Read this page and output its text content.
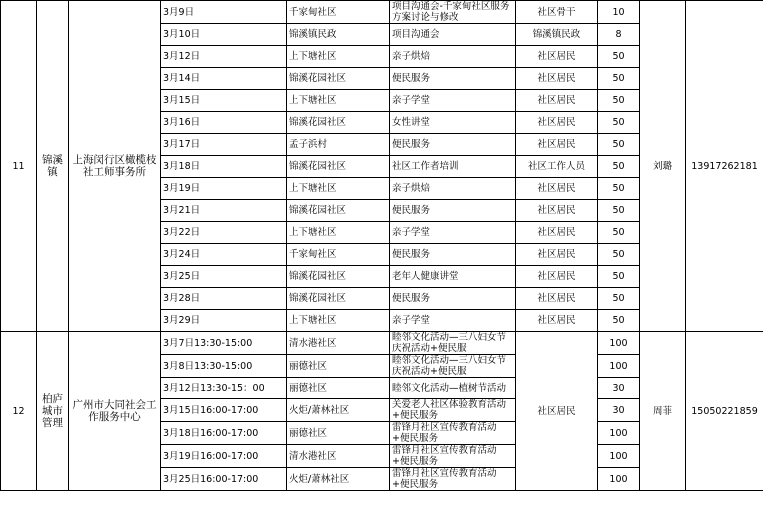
11	锦溪镇	上海闵行区橄榄枝社工师事务所	3月9日	千家甸社区	项目沟通会-千家甸社区服务方案讨论与修改	社区骨干	10	刘璐	13917262181
			3月10日	锦溪镇民政	项目沟通会	锦溪镇民政	8		
			3月12日	上下塘社区	亲子烘焙	社区居民	50		
			3月14日	锦溪花园社区	便民服务	社区居民	50		
			3月15日	上下塘社区	亲子学堂	社区居民	50		
			3月16日	锦溪花园社区	女性讲堂	社区居民	50		
			3月17日	孟子浜村	便民服务	社区居民	50		
			3月18日	锦溪花园社区	社区工作者培训	社区工作人员	50		
			3月19日	上下塘社区	亲子烘焙	社区居民	50		
			3月21日	锦溪花园社区	便民服务	社区居民	50		
			3月22日	上下塘社区	亲子学堂	社区居民	50		
			3月24日	千家甸社区	便民服务	社区居民	50		
			3月25日	锦溪花园社区	老年人健康讲堂	社区居民	50		
			3月28日	锦溪花园社区	便民服务	社区居民	50		
			3月29日	上下塘社区	亲子学堂	社区居民	50		
12	柏庐城市管理	广州市大同社会工作服务中心	3月7日13:30-15:00	清水港社区	睦邻文化活动—三八妇女节庆祝活动+便民服	社区居民	100	周菲	15050221859
			3月8日13:30-15:00	丽德社区	睦邻文化活动—三八妇女节庆祝活动+便民服		100		
			3月12日13:30-15：00	丽德社区	睦邻文化活动—植树节活动		30		
			3月15日16:00-17:00	火炬/萧林社区	关爱老人社区体验教育活动+便民服务		30		
			3月18日16:00-17:00	丽德社区	雷锋月社区宣传教育活动+便民服务		100		
			3月19日16:00-17:00	清水港社区	雷锋月社区宣传教育活动+便民服务		100		
			3月25日16:00-17:00	火炬/萧林社区	雷锋月社区宣传教育活动+便民服务		100		
